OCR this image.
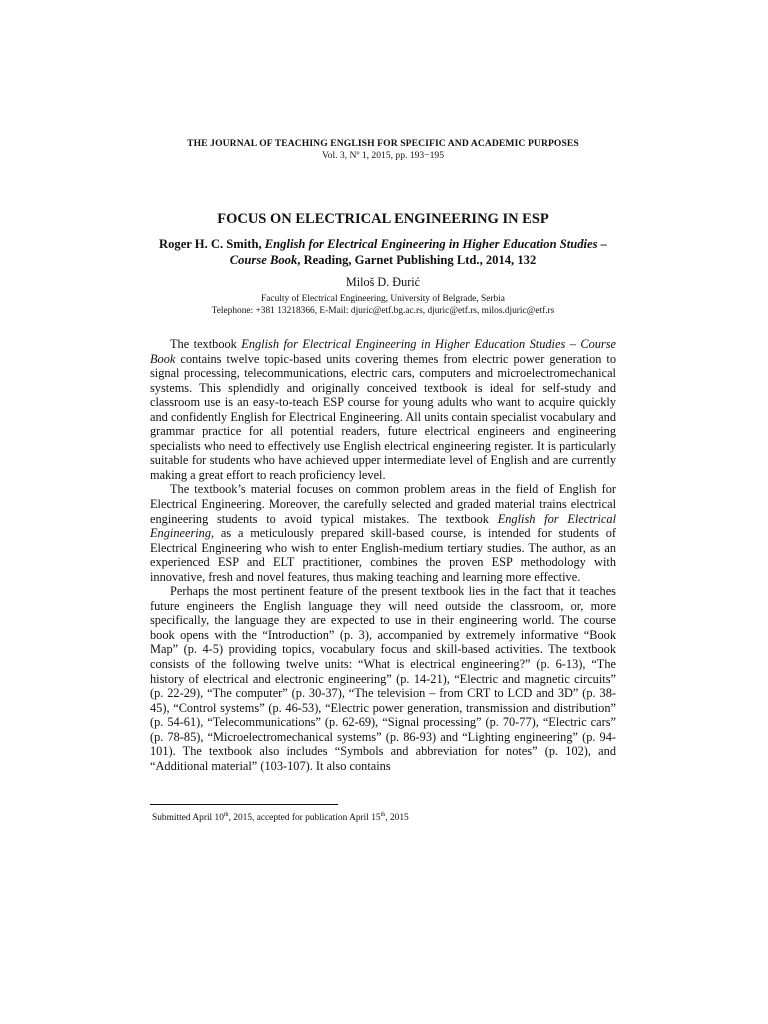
THE JOURNAL OF TEACHING ENGLISH FOR SPECIFIC AND ACADEMIC PURPOSES
Vol. 3, Nº 1, 2015, pp. 193−195
FOCUS ON ELECTRICAL ENGINEERING IN ESP
Roger H. C. Smith, English for Electrical Engineering in Higher Education Studies – Course Book, Reading, Garnet Publishing Ltd., 2014, 132
Miloš D. Đurić
Faculty of Electrical Engineering, University of Belgrade, Serbia
Telephone: +381 13218366, E-Mail: djuric@etf.bg.ac.rs, djuric@etf.rs, milos.djuric@etf.rs

The textbook English for Electrical Engineering in Higher Education Studies – Course Book contains twelve topic-based units covering themes from electric power generation to signal processing, telecommunications, electric cars, computers and microelectromechanical systems. This splendidly and originally conceived textbook is ideal for self-study and classroom use is an easy-to-teach ESP course for young adults who want to acquire quickly and confidently English for Electrical Engineering. All units contain specialist vocabulary and grammar practice for all potential readers, future electrical engineers and engineering specialists who need to effectively use English electrical engineering register. It is particularly suitable for students who have achieved upper intermediate level of English and are currently making a great effort to reach proficiency level.

The textbook’s material focuses on common problem areas in the field of English for Electrical Engineering. Moreover, the carefully selected and graded material trains electrical engineering students to avoid typical mistakes. The textbook English for Electrical Engineering, as a meticulously prepared skill-based course, is intended for students of Electrical Engineering who wish to enter English-medium tertiary studies. The author, as an experienced ESP and ELT practitioner, combines the proven ESP methodology with innovative, fresh and novel features, thus making teaching and learning more effective.

Perhaps the most pertinent feature of the present textbook lies in the fact that it teaches future engineers the English language they will need outside the classroom, or, more specifically, the language they are expected to use in their engineering world. The course book opens with the “Introduction” (p. 3), accompanied by extremely informative “Book Map” (p. 4-5) providing topics, vocabulary focus and skill-based activities. The textbook consists of the following twelve units: “What is electrical engineering?” (p. 6-13), “The history of electrical and electronic engineering” (p. 14-21), “Electric and magnetic circuits” (p. 22-29), “The computer” (p. 30-37), “The television – from CRT to LCD and 3D” (p. 38-45), “Control systems” (p. 46-53), “Electric power generation, transmission and distribution” (p. 54-61), “Telecommunications” (p. 62-69), “Signal processing” (p. 70-77), “Electric cars” (p. 78-85), “Microelectromechanical systems” (p. 86-93) and “Lighting engineering” (p. 94-101). The textbook also includes “Symbols and abbreviation for notes” (p. 102), and “Additional material” (103-107). It also contains

Submitted April 10th, 2015, accepted for publication April 15th, 2015
